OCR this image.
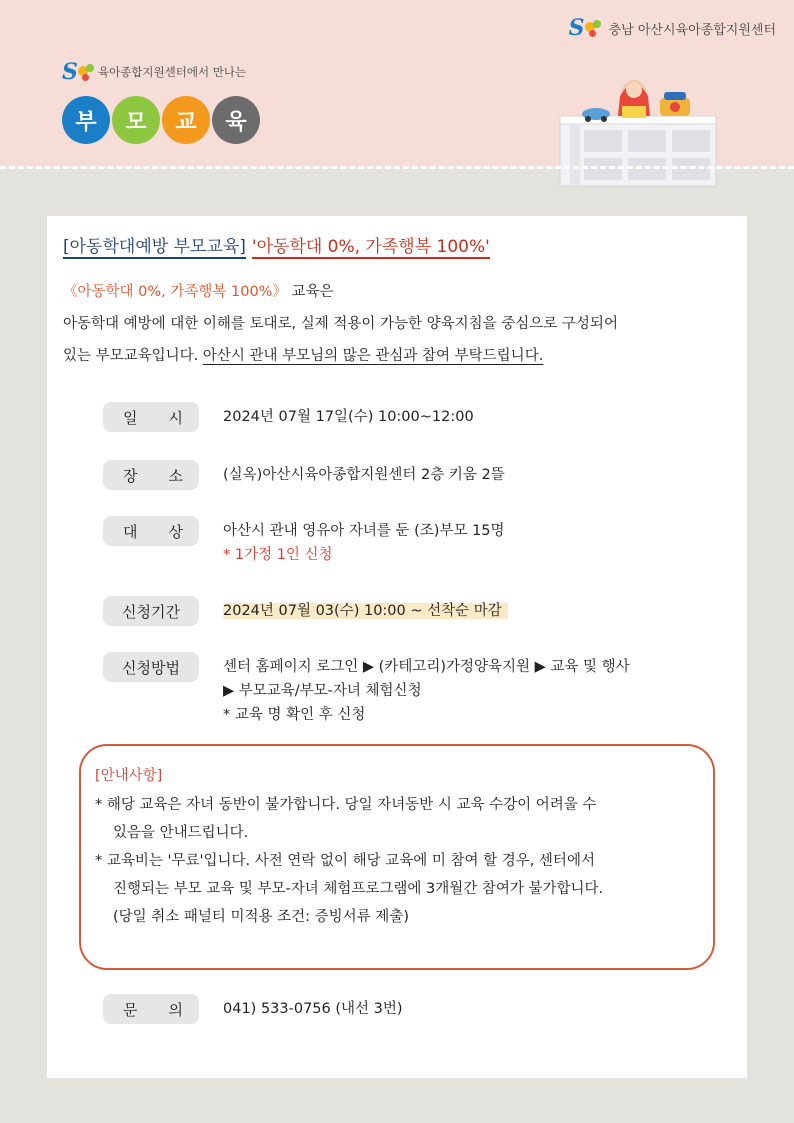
S 충남 아산시육아종합지원센터
S 육아종합지원센터에서 만나는
부	모	교	육
[아동학대예방 부모교육] '아동학대 0%, 가족행복 100%'
《아동학대 0%, 가족행복 100%》 교육은
아동학대 예방에 대한 이해를 토대로, 실제 적용이 가능한 양육지침을 중심으로 구성되어
있는 부모교육입니다. 아산시 관내 부모님의 많은 관심과 참여 부탁드립니다.
일 시	2024년 07월 17일(수) 10:00~12:00
장 소	(실옥)아산시육아종합지원센터 2층 키움 2뜰
대 상	아산시 관내 영유아 자녀를 둔 (조)부모 15명
* 1가정 1인 신청
신청기간	2024년 07월 03(수) 10:00 ~ 선착순 마감
신청방법	센터 홈페이지 로그인 ▶ (카테고리)가정양육지원 ▶ 교육 및 행사
▶ 부모교육/부모-자녀 체험신청
* 교육 명 확인 후 신청
[안내사항]
* 해당 교육은 자녀 동반이 불가합니다. 당일 자녀동반 시 교육 수강이 어려울 수
있음을 안내드립니다.
* 교육비는 '무료'입니다. 사전 연락 없이 해당 교육에 미 참여 할 경우, 센터에서
진행되는 부모 교육 및 부모-자녀 체험프로그램에 3개월간 참여가 불가합니다.
(당일 취소 패널티 미적용 조건: 증빙서류 제출)
문 의	041) 533-0756 (내선 3번)
